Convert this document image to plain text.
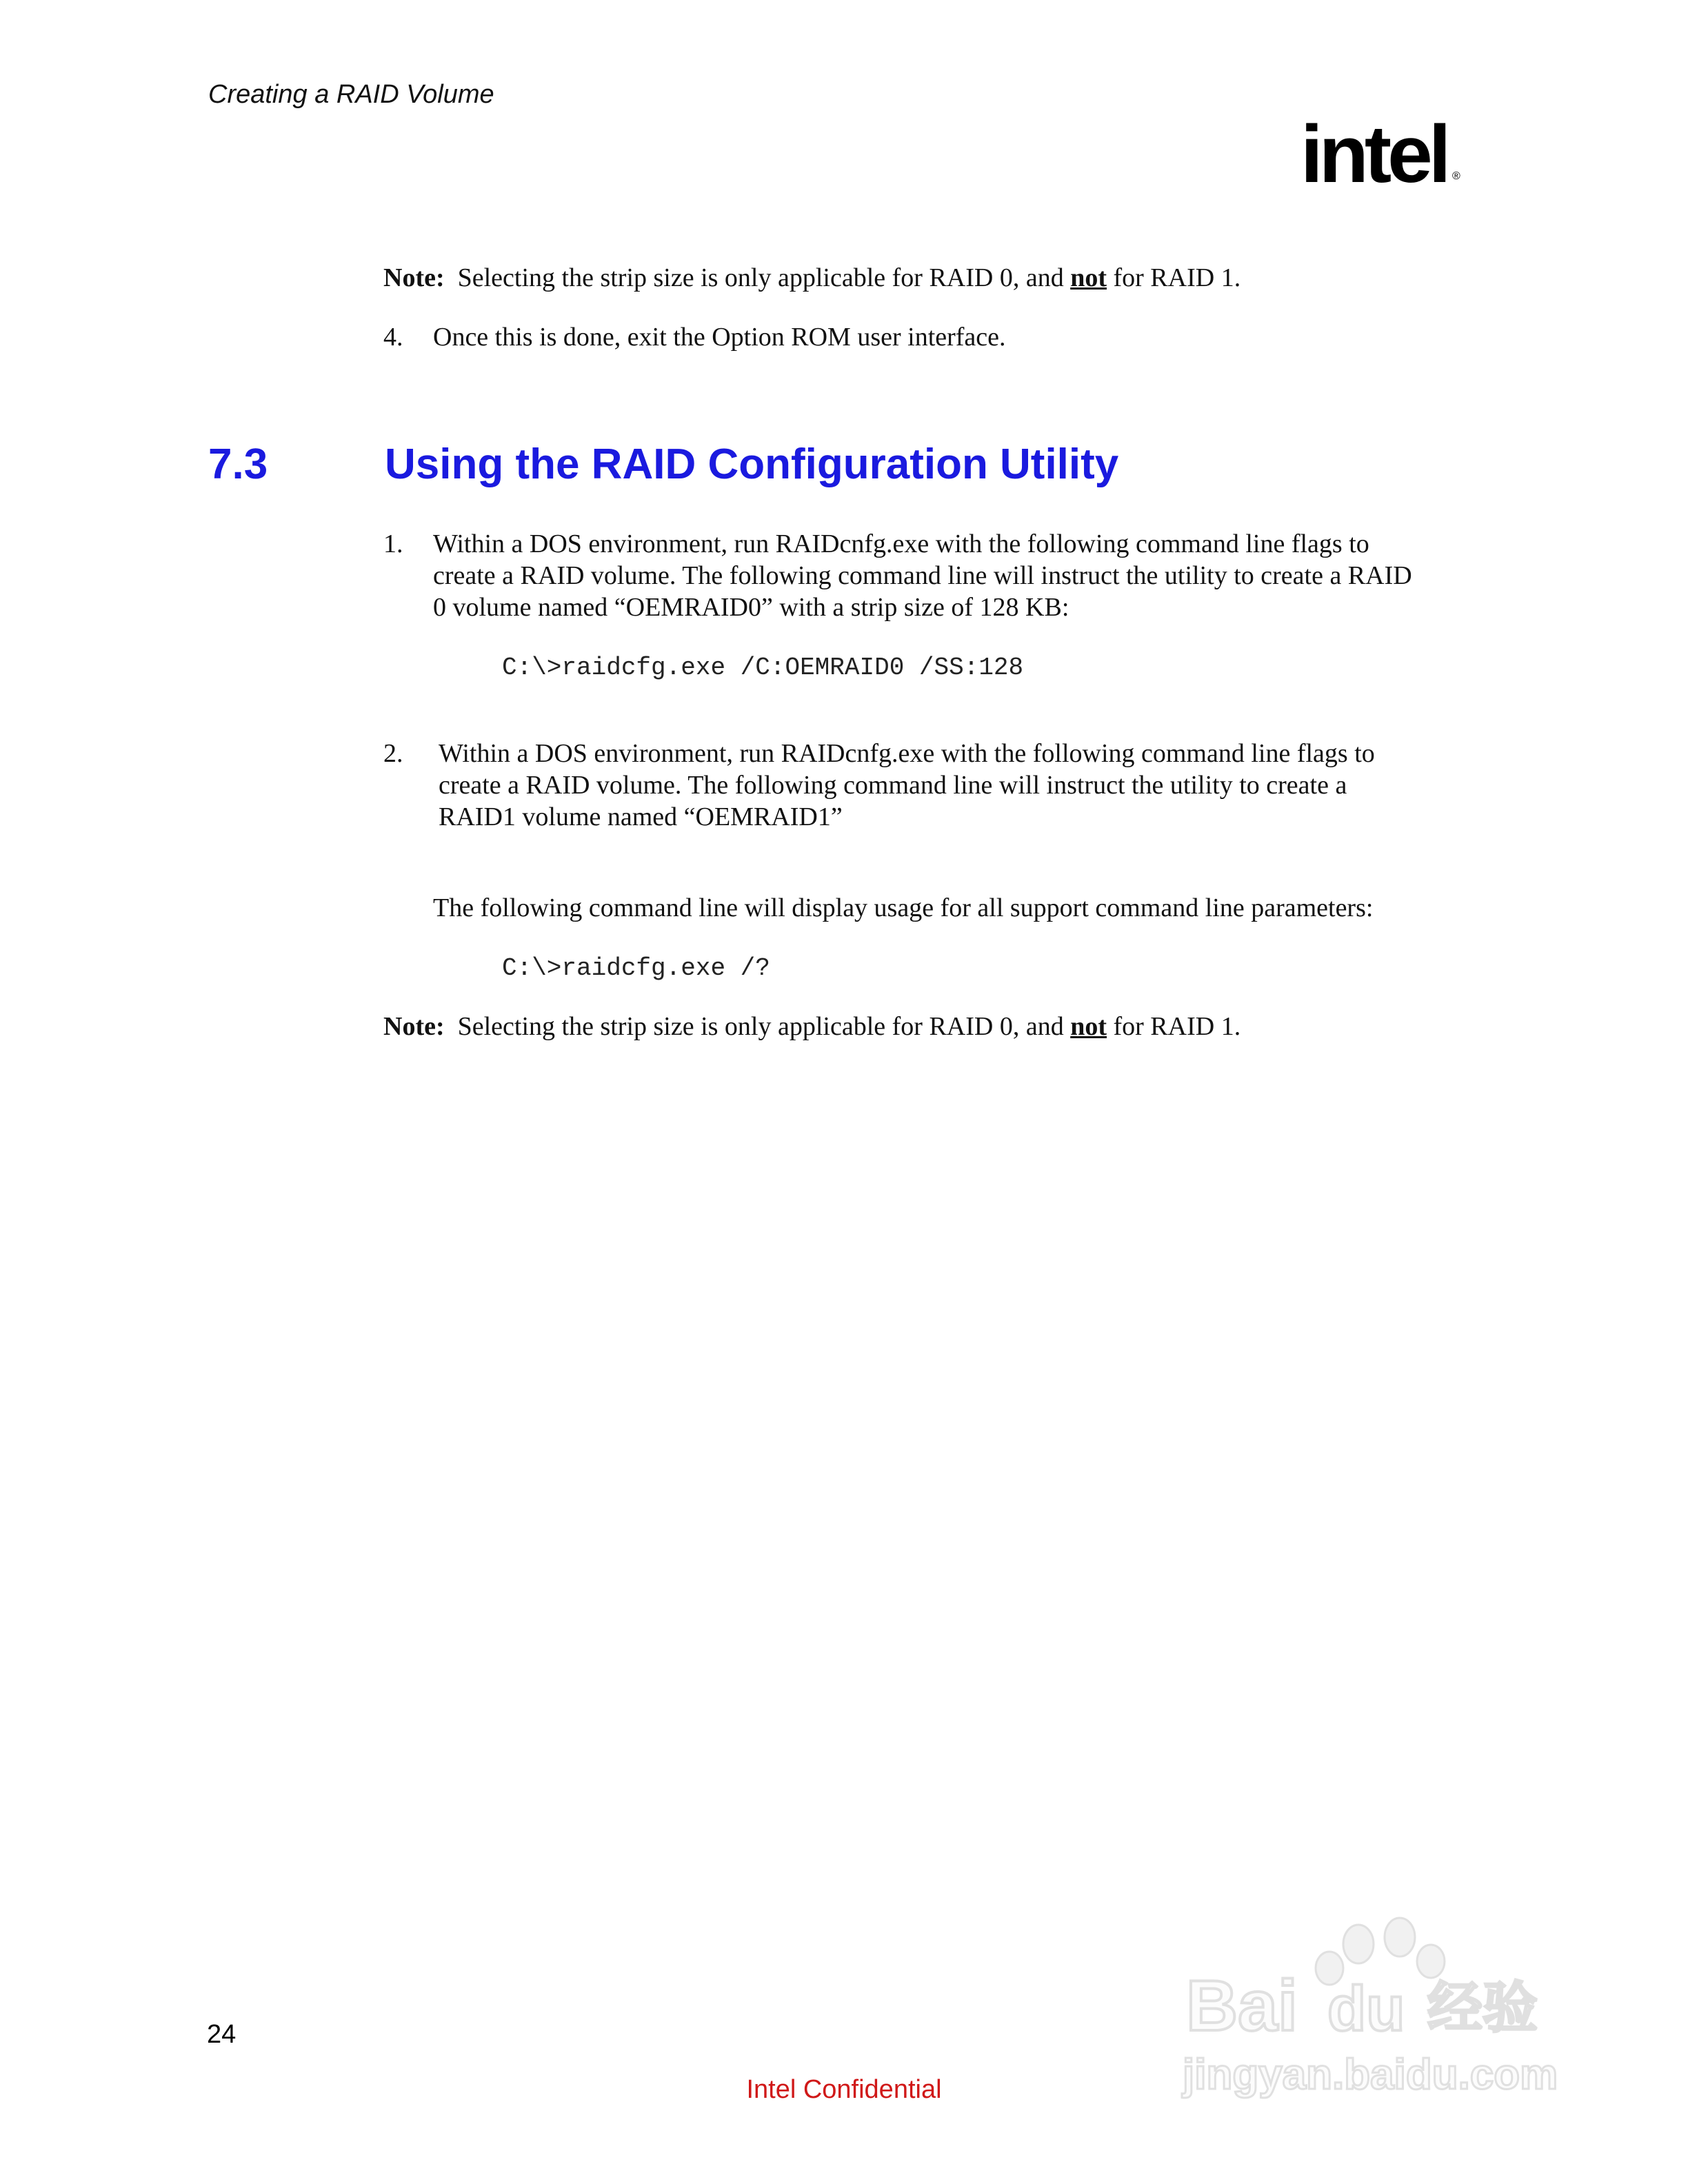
Creating a RAID Volume
intel ®
Note: Selecting the strip size is only applicable for RAID 0, and not for RAID 1.
4.	Once this is done, exit the Option ROM user interface.
7.3	Using the RAID Configuration Utility
1.	Within a DOS environment, run RAIDcnfg.exe with the following command line flags to
create a RAID volume. The following command line will instruct the utility to create a RAID
0 volume named “OEMRAID0” with a strip size of 128 KB:
C:\>raidcfg.exe /C:OEMRAID0 /SS:128
2.	Within a DOS environment, run RAIDcnfg.exe with the following command line flags to
create a RAID volume. The following command line will instruct the utility to create a
RAID1 volume named “OEMRAID1”
The following command line will display usage for all support command line parameters:
C:\>raidcfg.exe /?
Note: Selecting the strip size is only applicable for RAID 0, and not for RAID 1.
24
Intel Confidential
Bai du 经验
jingyan.baidu.com
